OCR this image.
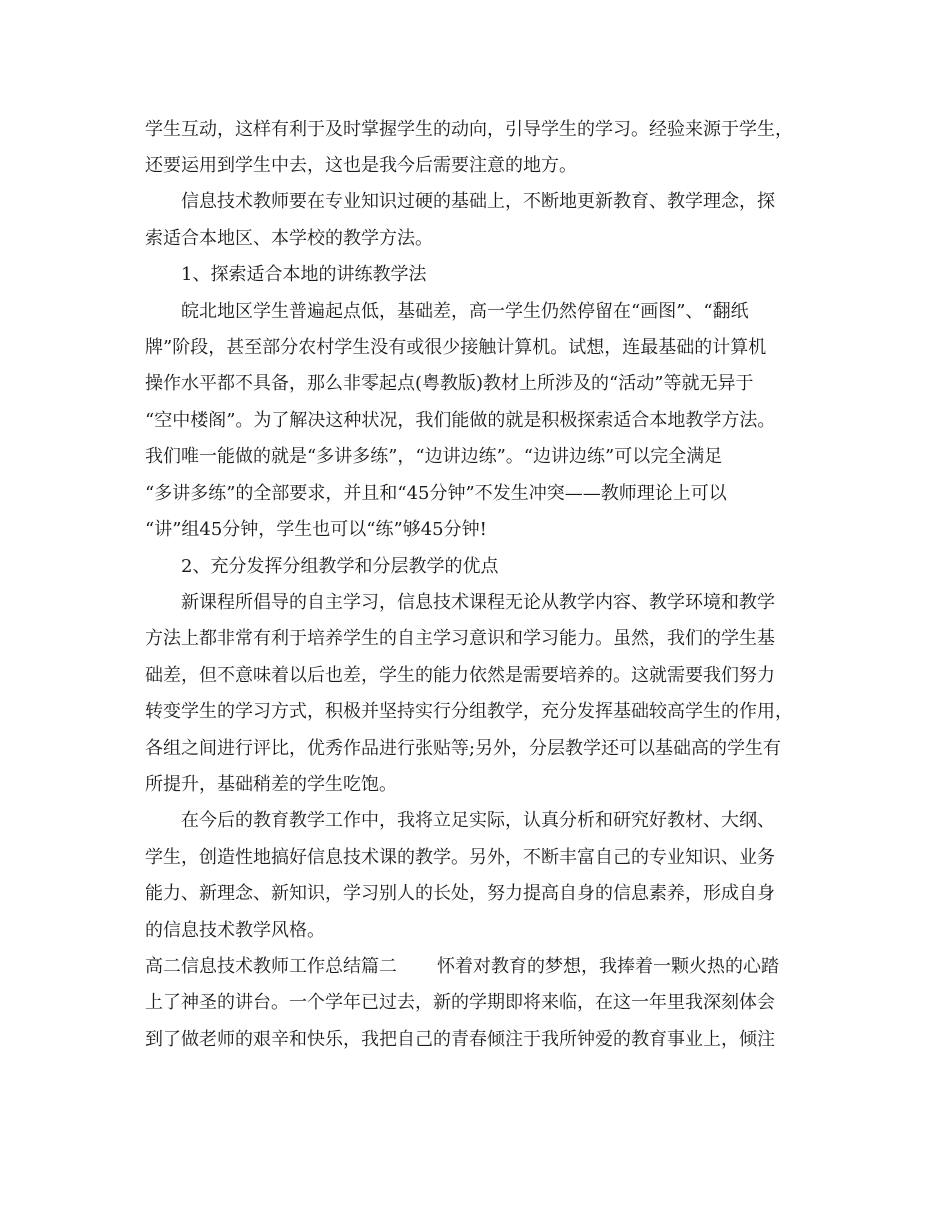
学生互动，这样有利于及时掌握学生的动向，引导学生的学习。经验来源于学生，
还要运用到学生中去，这也是我今后需要注意的地方。
信息技术教师要在专业知识过硬的基础上，不断地更新教育、教学理念，探
索适合本地区、本学校的教学方法。
1、探索适合本地的讲练教学法
皖北地区学生普遍起点低，基础差，高一学生仍然停留在“画图”、“翻纸
牌”阶段，甚至部分农村学生没有或很少接触计算机。试想，连最基础的计算机
操作水平都不具备，那么非零起点(粤教版)教材上所涉及的“活动”等就无异于
“空中楼阁”。为了解决这种状况，我们能做的就是积极探索适合本地教学方法。
我们唯一能做的就是“多讲多练”，“边讲边练”。“边讲边练”可以完全满足
“多讲多练”的全部要求，并且和“45分钟”不发生冲突——教师理论上可以
“讲”组45分钟，学生也可以“练”够45分钟!
2、充分发挥分组教学和分层教学的优点
新课程所倡导的自主学习，信息技术课程无论从教学内容、教学环境和教学
方法上都非常有利于培养学生的自主学习意识和学习能力。虽然，我们的学生基
础差，但不意味着以后也差，学生的能力依然是需要培养的。这就需要我们努力
转变学生的学习方式，积极并坚持实行分组教学，充分发挥基础较高学生的作用，
各组之间进行评比，优秀作品进行张贴等;另外，分层教学还可以基础高的学生有
所提升，基础稍差的学生吃饱。
在今后的教育教学工作中，我将立足实际，认真分析和研究好教材、大纲、
学生，创造性地搞好信息技术课的教学。另外，不断丰富自己的专业知识、业务
能力、新理念、新知识，学习别人的长处，努力提高自身的信息素养，形成自身
的信息技术教学风格。
高二信息技术教师工作总结篇二 怀着对教育的梦想，我捧着一颗火热的心踏
上了神圣的讲台。一个学年已过去，新的学期即将来临，在这一年里我深刻体会
到了做老师的艰辛和快乐，我把自己的青春倾注于我所钟爱的教育事业上，倾注
